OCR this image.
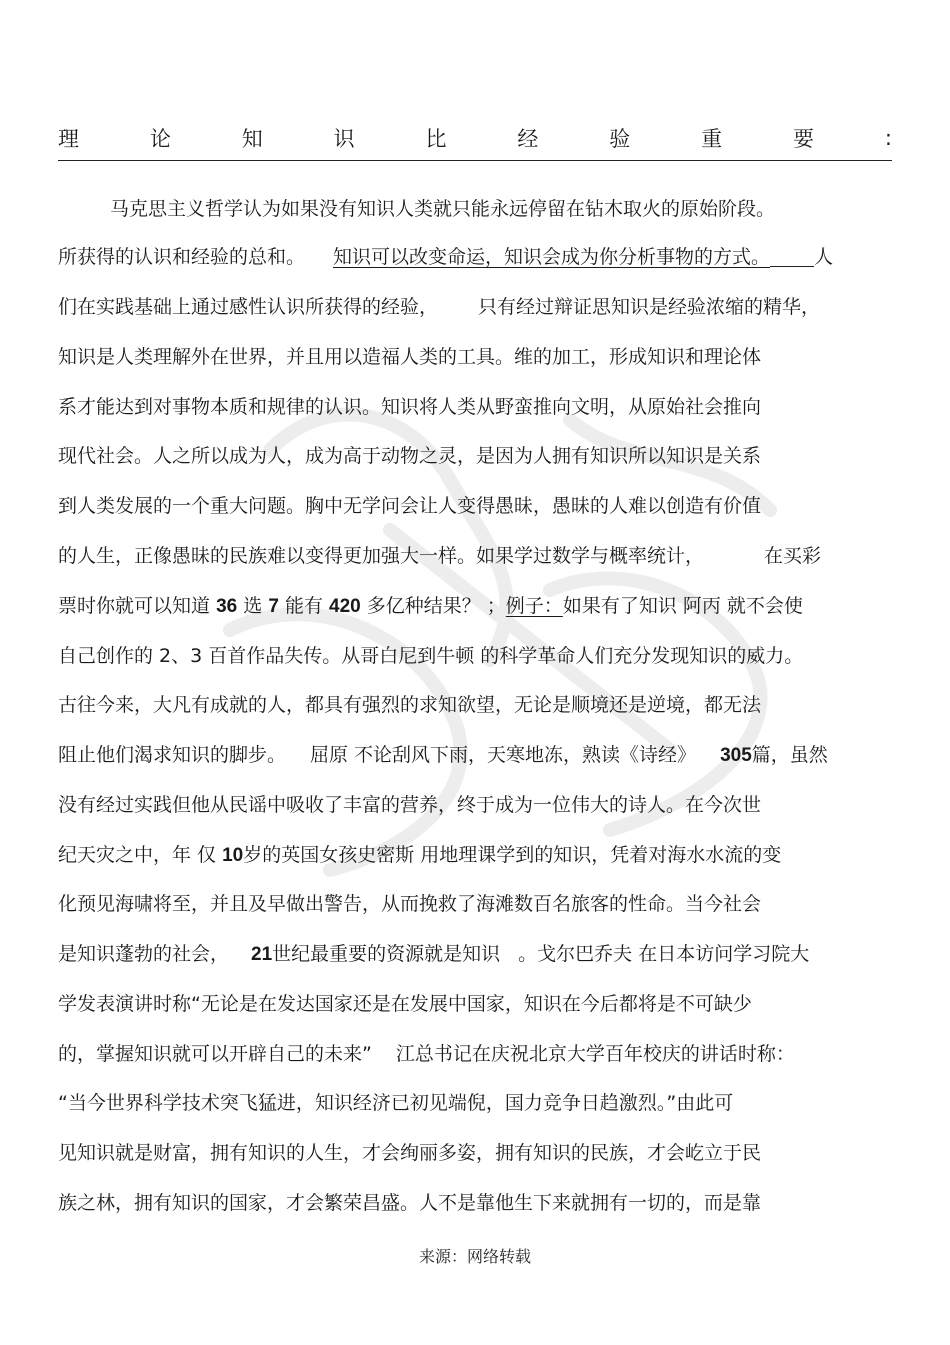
理	论	知	识	比	经	验	重	要	:
马克思主义哲学认为如果没有知识人类就只能永远停留在钻木取火的原始阶段。
所获得的认识和经验的总和。 知识可以改变命运，知识会成为你分析事物的方式。 人
们在实践基础上通过感性认识所获得的经验， 只有经过辩证思知识是经验浓缩的精华，
知识是人类理解外在世界，并且用以造福人类的工具。维的加工，形成知识和理论体
系才能达到对事物本质和规律的认识。知识将人类从野蛮推向文明，从原始社会推向
现代社会。人之所以成为人，成为高于动物之灵，是因为人拥有知识所以知识是关系
到人类发展的一个重大问题。胸中无学问会让人变得愚昧，愚昧的人难以创造有价值
的人生，正像愚昧的民族难以变得更加强大一样。如果学过数学与概率统计，	在买彩
票时你就可以知道 36 选 7 能有 420 多亿种结果？ ；例子：如果有了知识 阿丙 就不会使
自己创作的 2、3 百首作品失传。从哥白尼到牛顿 的科学革命人们充分发现知识的威力。
古往今来，大凡有成就的人，都具有强烈的求知欲望，无论是顺境还是逆境，都无法
阻止他们渴求知识的脚步。 屈原 不论刮风下雨，天寒地冻，熟读《诗经》 305篇，虽然
没有经过实践但他从民谣中吸收了丰富的营养，终于成为一位伟大的诗人。在今次世
纪天灾之中，年 仅 10岁的英国女孩史密斯 用地理课学到的知识，凭着对海水水流的变
化预见海啸将至，并且及早做出警告，从而挽救了海滩数百名旅客的性命。当今社会
是知识蓬勃的社会， 21世纪最重要的资源就是知识 。戈尔巴乔夫 在日本访问学习院大
学发表演讲时称“无论是在发达国家还是在发展中国家，知识在今后都将是不可缺少
的，掌握知识就可以开辟自己的未来” 江总书记在庆祝北京大学百年校庆的讲话时称：
“当今世界科学技术突飞猛进，知识经济已初见端倪，国力竞争日趋激烈。”由此可
见知识就是财富，拥有知识的人生，才会绚丽多姿，拥有知识的民族，才会屹立于民
族之林，拥有知识的国家，才会繁荣昌盛。人不是靠他生下来就拥有一切的，而是靠
来源：网络转载
